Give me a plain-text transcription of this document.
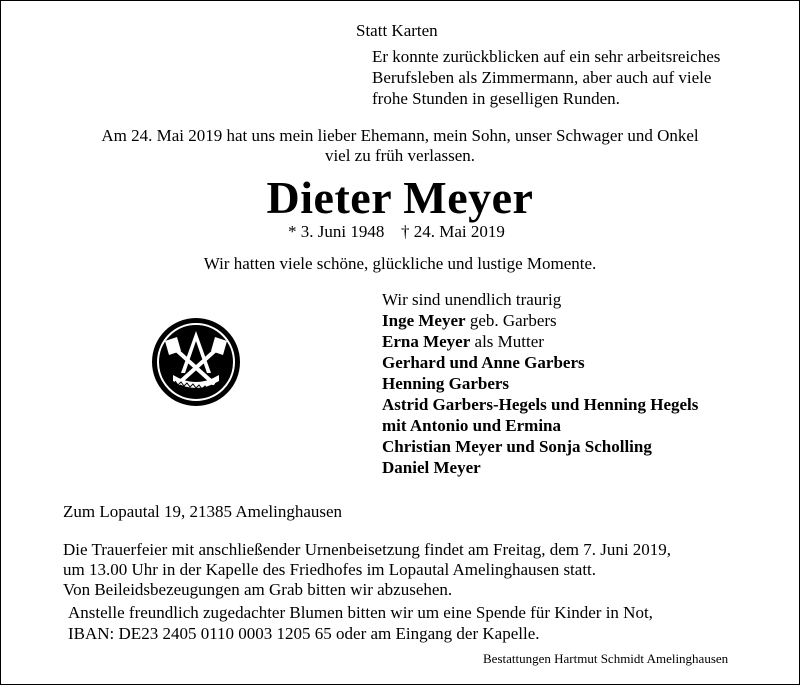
Statt Karten
Er konnte zurückblicken auf ein sehr arbeitsreiches
Berufsleben als Zimmermann, aber auch auf viele
frohe Stunden in geselligen Runden.
Am 24. Mai 2019 hat uns mein lieber Ehemann, mein Sohn, unser Schwager und Onkel
viel zu früh verlassen.
Dieter Meyer
* 3. Juni 1948 † 24. Mai 2019
Wir hatten viele schöne, glückliche und lustige Momente.
Wir sind unendlich traurig
Inge Meyer geb. Garbers
Erna Meyer als Mutter
Gerhard und Anne Garbers
Henning Garbers
Astrid Garbers-Hegels und Henning Hegels
mit Antonio und Ermina
Christian Meyer und Sonja Scholling
Daniel Meyer
Zum Lopautal 19, 21385 Amelinghausen
Die Trauerfeier mit anschließender Urnenbeisetzung findet am Freitag, dem 7. Juni 2019,
um 13.00 Uhr in der Kapelle des Friedhofes im Lopautal Amelinghausen statt.
Von Beileidsbezeugungen am Grab bitten wir abzusehen.
Anstelle freundlich zugedachter Blumen bitten wir um eine Spende für Kinder in Not,
IBAN: DE23 2405 0110 0003 1205 65 oder am Eingang der Kapelle.
Bestattungen Hartmut Schmidt Amelinghausen
